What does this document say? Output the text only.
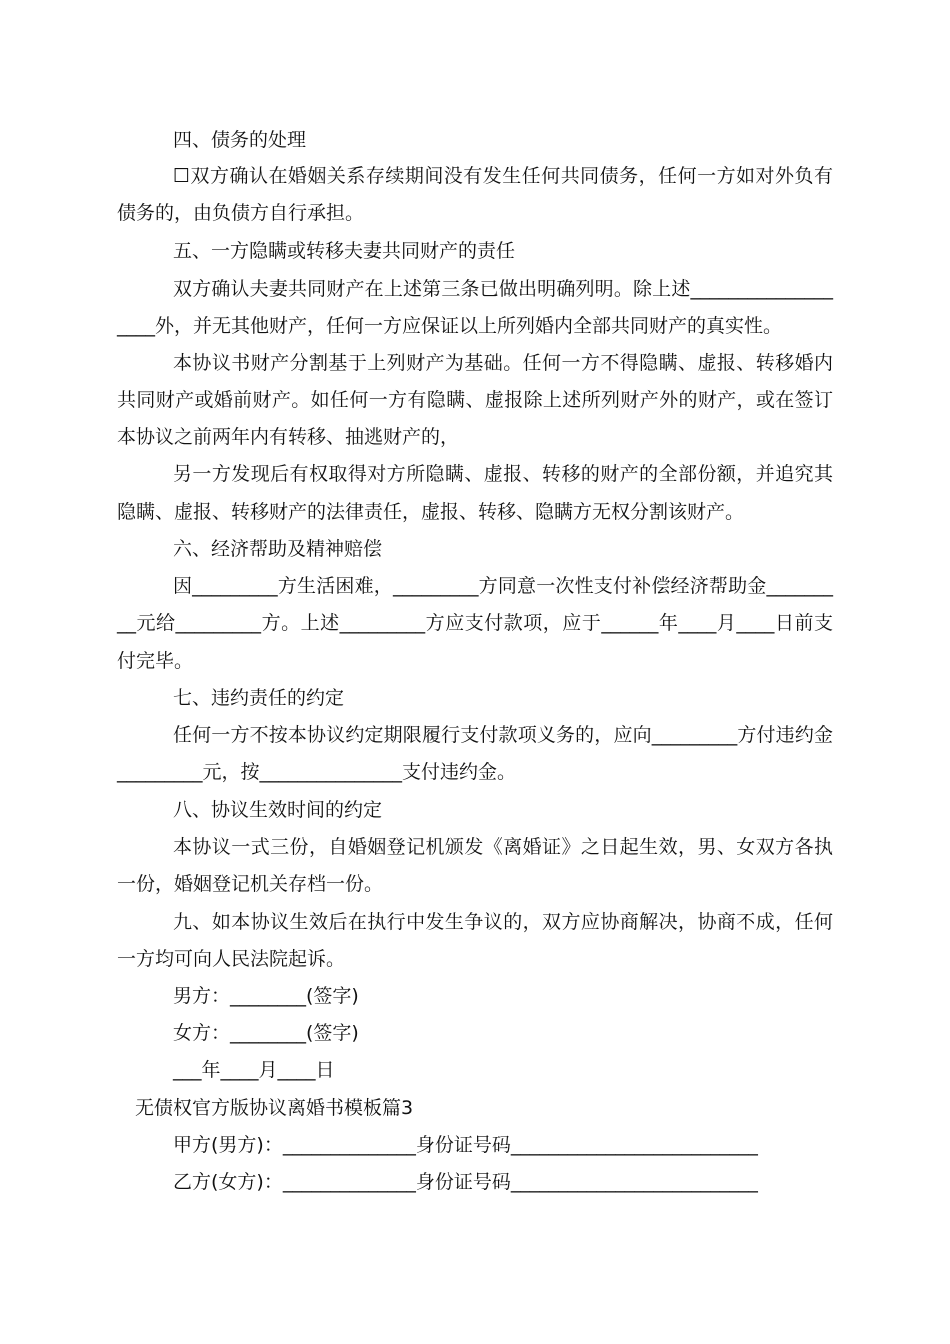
四、债务的处理
☐双方确认在婚姻关系存续期间没有发生任何共同债务，任何一方如对外负有
债务的，由负债方自行承担。
五、一方隐瞒或转移夫妻共同财产的责任
双方确认夫妻共同财产在上述第三条已做出明确列明。除上述_______________
____外，并无其他财产，任何一方应保证以上所列婚内全部共同财产的真实性。
本协议书财产分割基于上列财产为基础。任何一方不得隐瞒、虚报、转移婚内
共同财产或婚前财产。如任何一方有隐瞒、虚报除上述所列财产外的财产，或在签订
本协议之前两年内有转移、抽逃财产的，
另一方发现后有权取得对方所隐瞒、虚报、转移的财产的全部份额，并追究其
隐瞒、虚报、转移财产的法律责任，虚报、转移、隐瞒方无权分割该财产。
六、经济帮助及精神赔偿
因_________方生活困难，_________方同意一次性支付补偿经济帮助金_______
__元给_________方。上述_________方应支付款项，应于______年____月____日前支
付完毕。
七、违约责任的约定
任何一方不按本协议约定期限履行支付款项义务的，应向_________方付违约金
_________元，按_______________支付违约金。
八、协议生效时间的约定
本协议一式三份，自婚姻登记机颁发《离婚证》之日起生效，男、女双方各执
一份，婚姻登记机关存档一份。
九、如本协议生效后在执行中发生争议的，双方应协商解决，协商不成，任何
一方均可向人民法院起诉。
男方：________(签字)
女方：________(签字)
___年____月____日
无债权官方版协议离婚书模板篇3
甲方(男方)：______________身份证号码__________________________
乙方(女方)：______________身份证号码__________________________
